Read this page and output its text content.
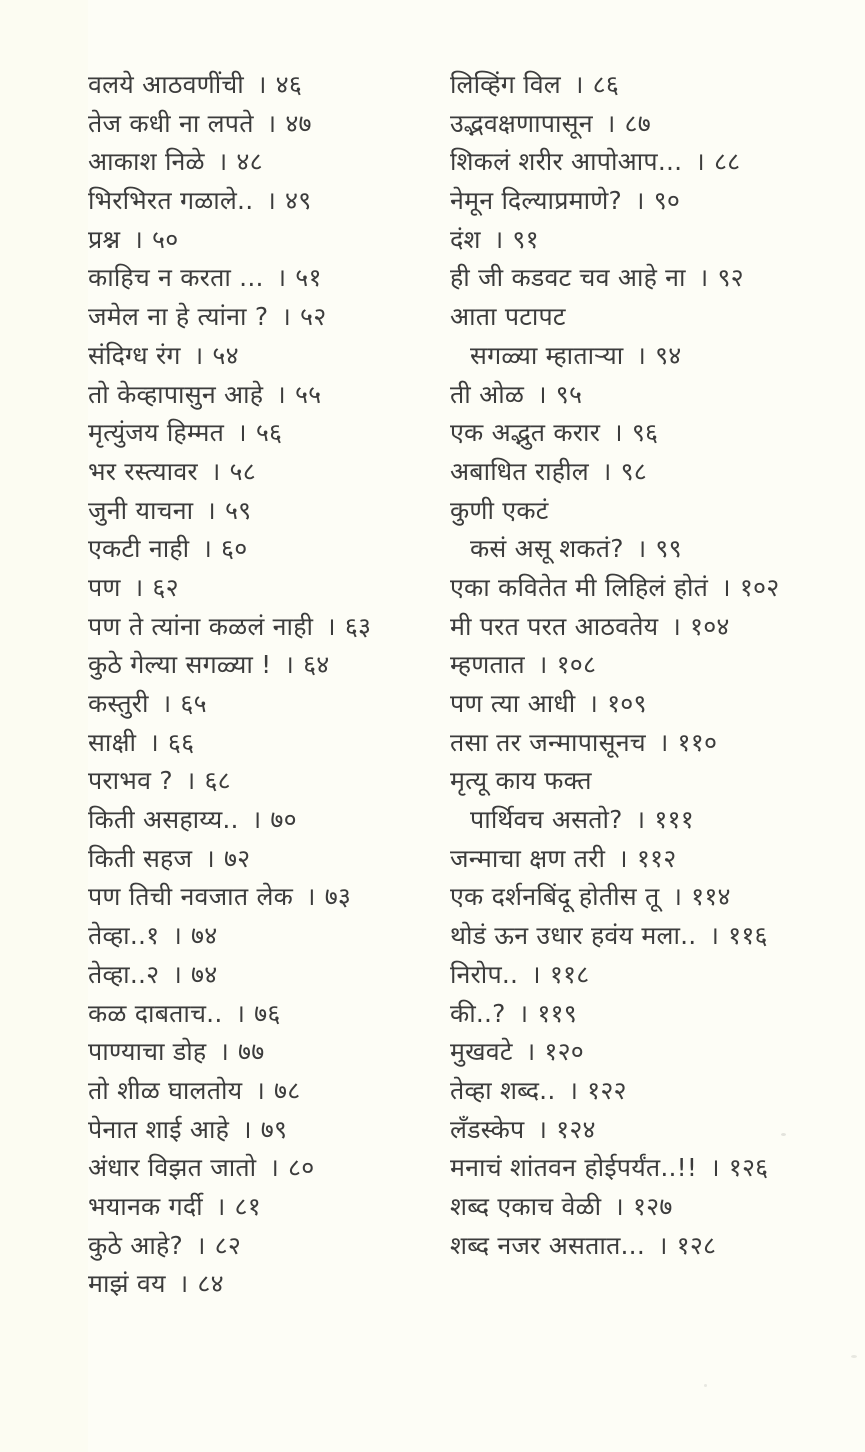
वलये आठवणींची । ४६
तेज कधी ना लपते । ४७
आकाश निळे । ४८
भिरभिरत गळाले.. । ४९
प्रश्न । ५०
काहिच न करता ... । ५१
जमेल ना हे त्यांना ? । ५२
संदिग्ध रंग । ५४
तो केव्हापासुन आहे । ५५
मृत्युंजय हिम्मत । ५६
भर रस्त्यावर । ५८
जुनी याचना । ५९
एकटी नाही । ६०
पण । ६२
पण ते त्यांना कळलं नाही । ६३
कुठे गेल्या सगळ्या ! । ६४
कस्तुरी । ६५
साक्षी । ६६
पराभव ? । ६८
किती असहाय्य.. । ७०
किती सहज । ७२
पण तिची नवजात लेक । ७३
तेव्हा..१ । ७४
तेव्हा..२ । ७४
कळ दाबताच.. । ७६
पाण्याचा डोह । ७७
तो शीळ घालतोय । ७८
पेनात शाई आहे । ७९
अंधार विझत जातो । ८०
भयानक गर्दी । ८१
कुठे आहे? । ८२
माझं वय । ८४
लिव्हिंग विल । ८६
उद्भवक्षणापासून । ८७
शिकलं शरीर आपोआप... । ८८
नेमून दिल्याप्रमाणे? । ९०
दंश । ९१
ही जी कडवट चव आहे ना । ९२
आता पटापट
सगळ्या म्हाताऱ्या । ९४
ती ओळ । ९५
एक अद्भुत करार । ९६
अबाधित राहील । ९८
कुणी एकटं
कसं असू शकतं? । ९९
एका कवितेत मी लिहिलं होतं । १०२
मी परत परत आठवतेय । १०४
म्हणतात । १०८
पण त्या आधी । १०९
तसा तर जन्मापासूनच । ११०
मृत्यू काय फक्त
पार्थिवच असतो? । १११
जन्माचा क्षण तरी । ११२
एक दर्शनबिंदू होतीस तू । ११४
थोडं ऊन उधार हवंय मला.. । ११६
निरोप.. । ११८
की..? । ११९
मुखवटे । १२०
तेव्हा शब्द.. । १२२
लँडस्केप । १२४
मनाचं शांतवन होईपर्यंत..!! । १२६
शब्द एकाच वेळी । १२७
शब्द नजर असतात... । १२८
